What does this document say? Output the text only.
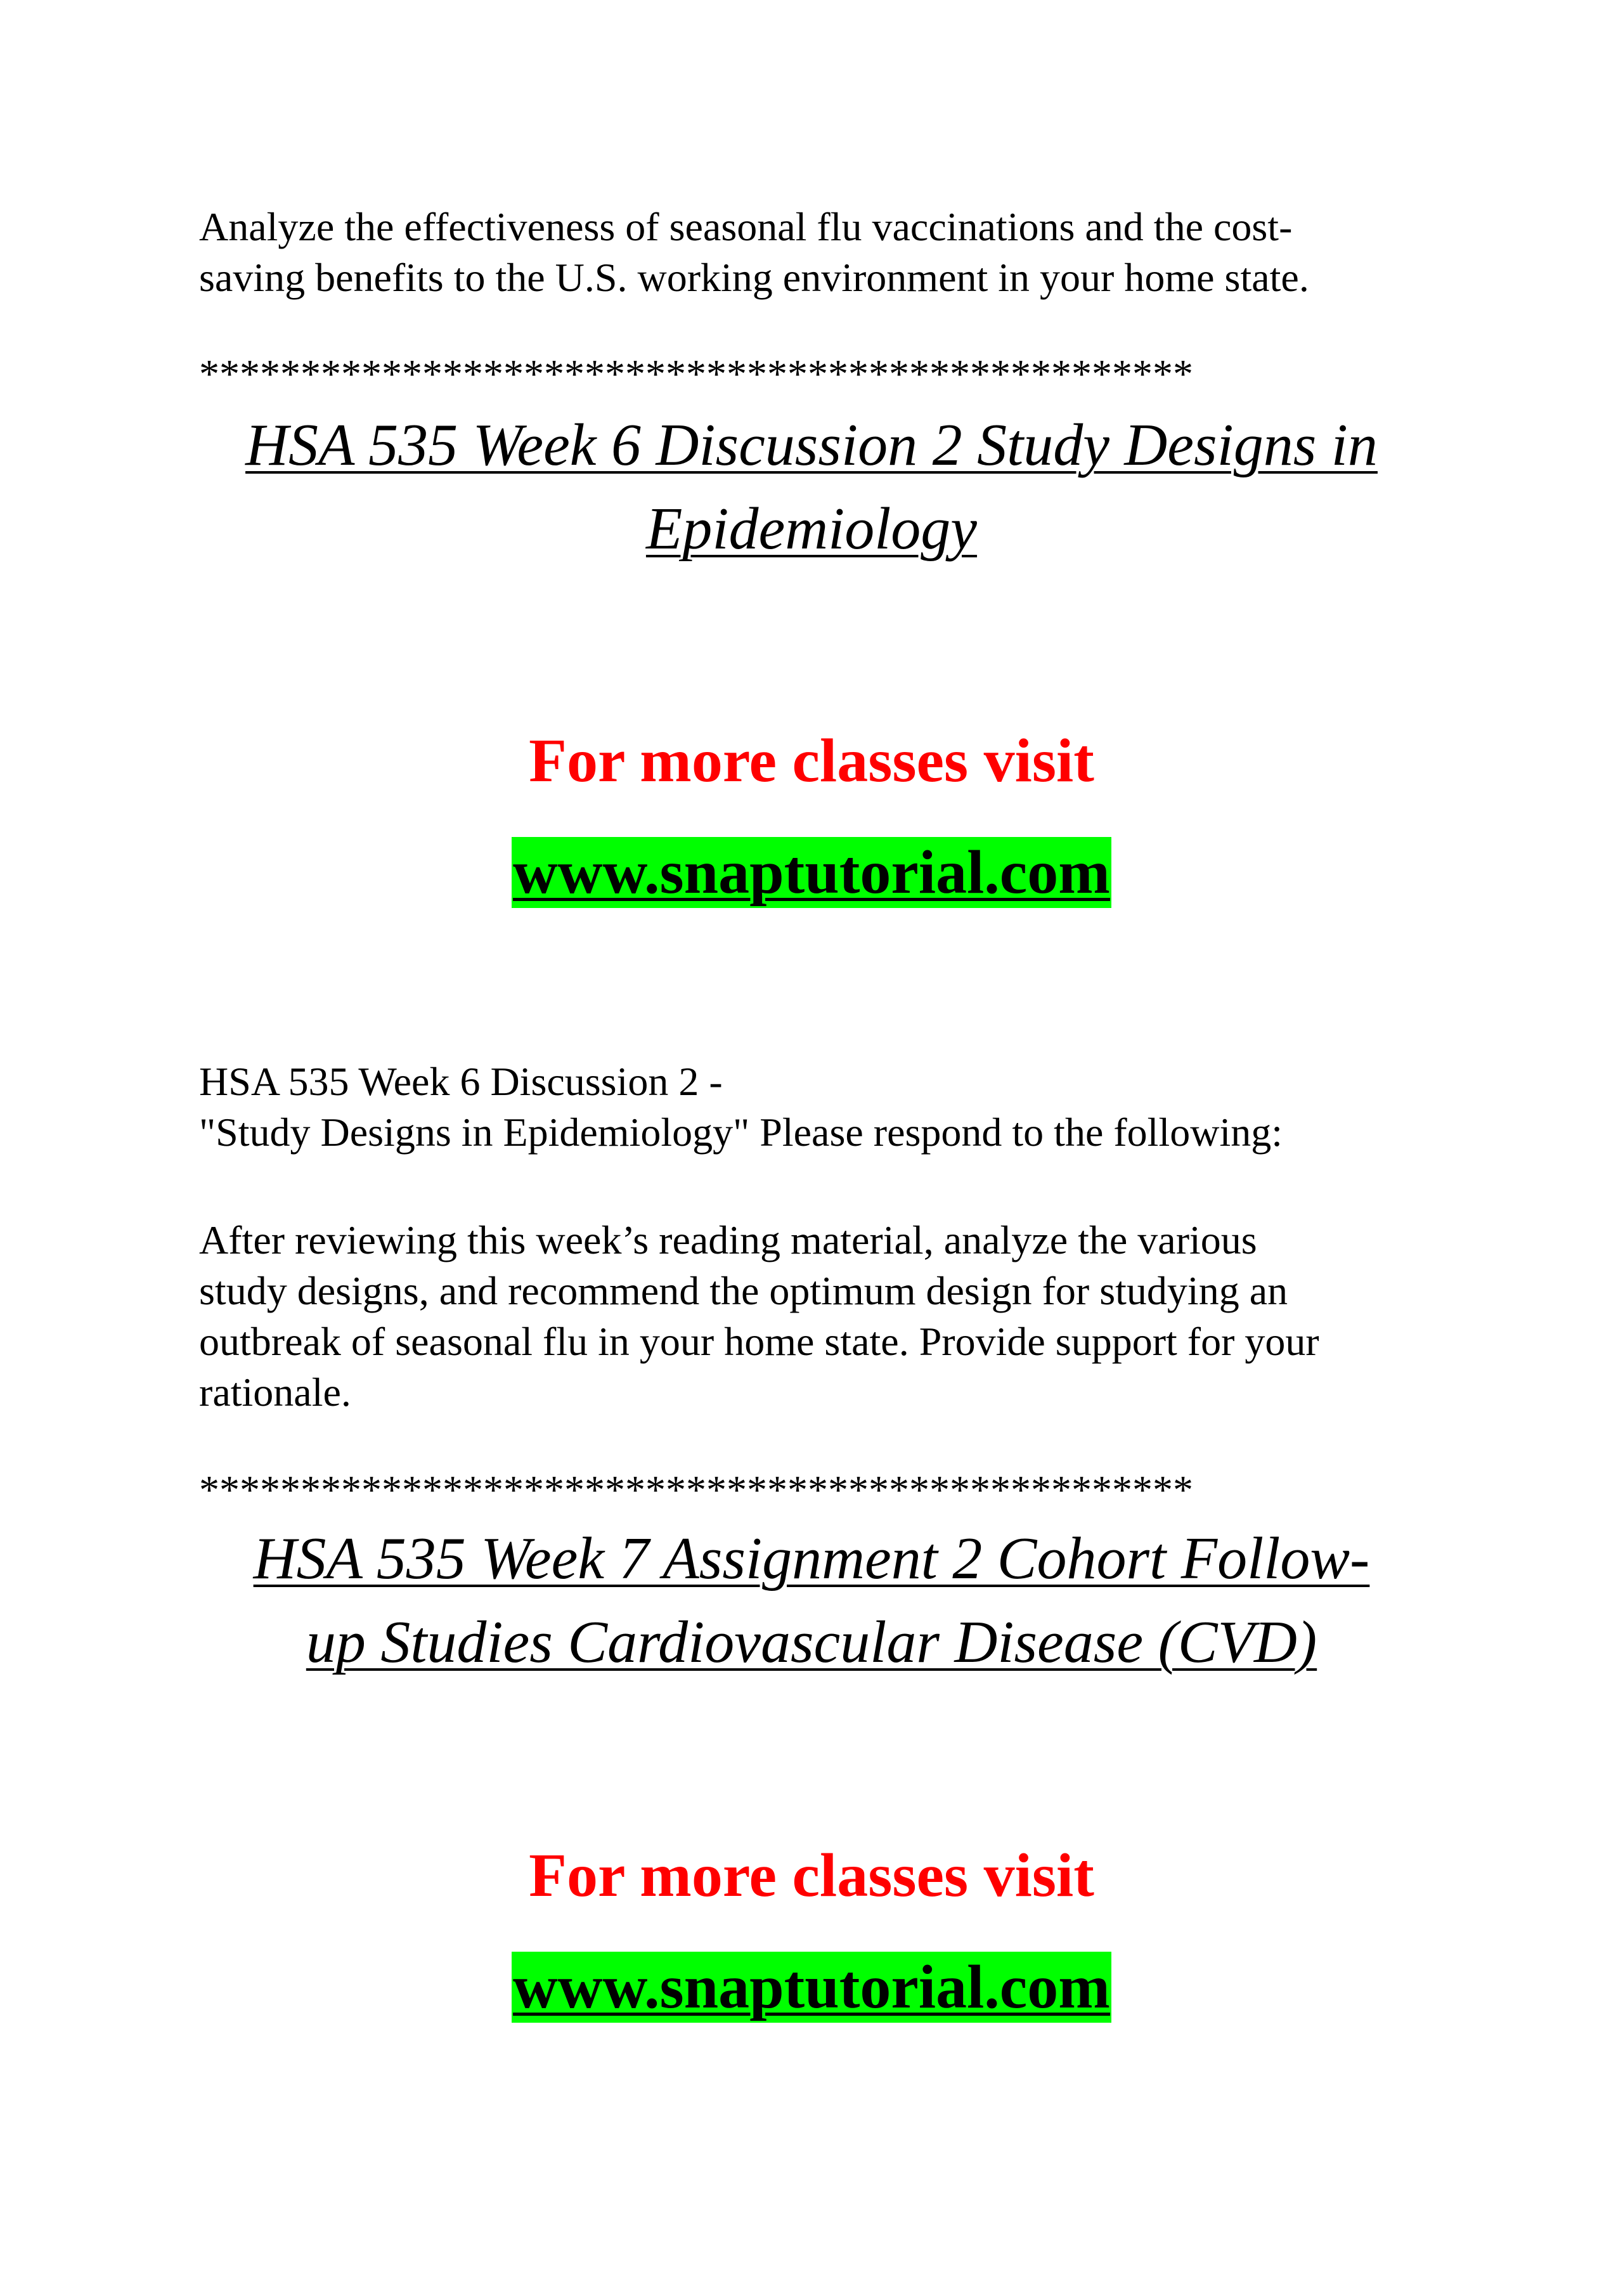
Analyze the effectiveness of seasonal flu vaccinations and the cost-
saving benefits to the U.S. working environment in your home state.
*************************************************
HSA 535 Week 6 Discussion 2 Study Designs in
Epidemiology
For more classes visit
www.snaptutorial.com
HSA 535 Week 6 Discussion 2 -
"Study Designs in Epidemiology" Please respond to the following:
After reviewing this week’s reading material, analyze the various
study designs, and recommend the optimum design for studying an
outbreak of seasonal flu in your home state. Provide support for your
rationale.
*************************************************
HSA 535 Week 7 Assignment 2 Cohort Follow-
up Studies Cardiovascular Disease (CVD)
For more classes visit
www.snaptutorial.com
